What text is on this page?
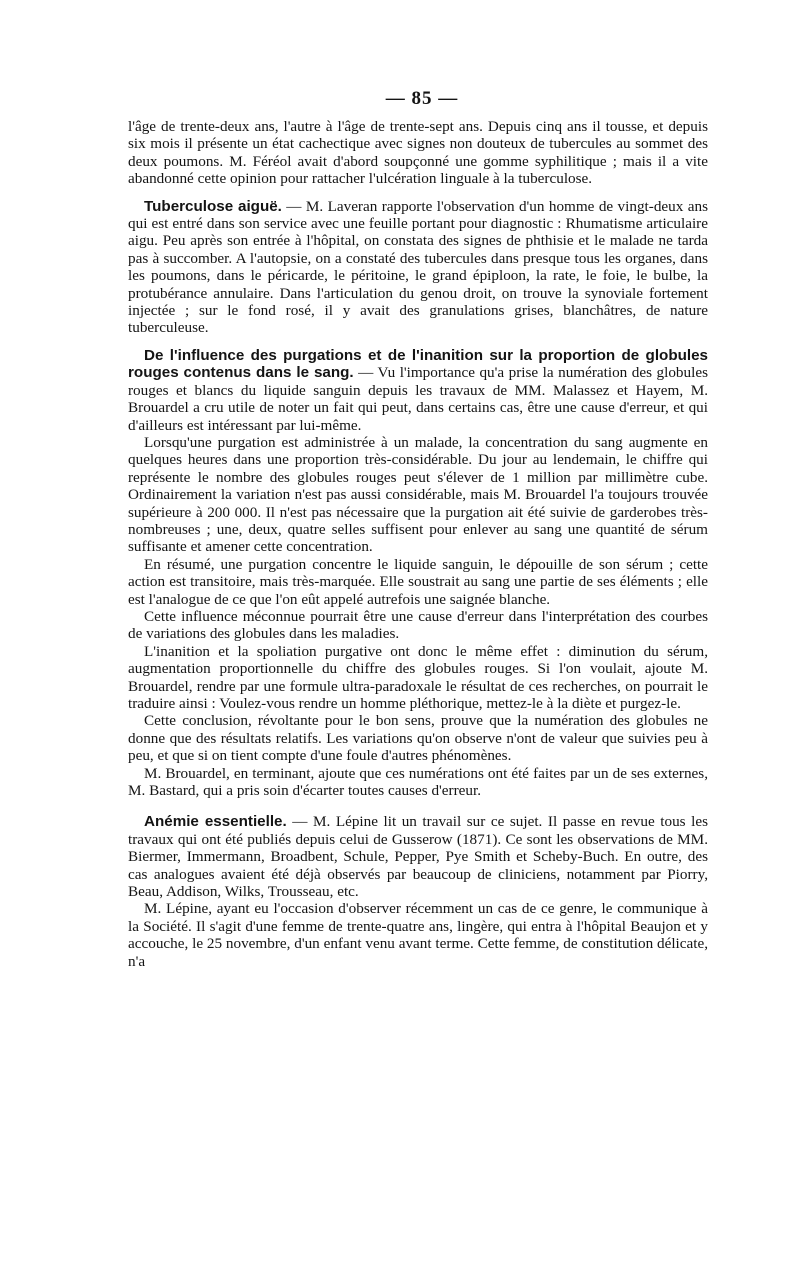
— 85 —

l'âge de trente-deux ans, l'autre à l'âge de trente-sept ans. Depuis cinq ans il tousse, et depuis six mois il présente un état cachectique avec signes non douteux de tubercules au sommet des deux poumons. M. Féréol avait d'abord soupçonné une gomme syphilitique ; mais il a vite abandonné cette opinion pour rattacher l'ulcération linguale à la tuberculose.

Tuberculose aiguë. — M. Laveran rapporte l'observation d'un homme de vingt-deux ans qui est entré dans son service avec une feuille portant pour diagnostic : Rhumatisme articulaire aigu. Peu après son entrée à l'hôpital, on constata des signes de phthisie et le malade ne tarda pas à succomber. A l'autopsie, on a constaté des tubercules dans presque tous les organes, dans les poumons, dans le péricarde, le péritoine, le grand épiploon, la rate, le foie, le bulbe, la protubérance annulaire. Dans l'articulation du genou droit, on trouve la synoviale fortement injectée ; sur le fond rosé, il y avait des granulations grises, blanchâtres, de nature tuberculeuse.

De l'influence des purgations et de l'inanition sur la proportion de globules rouges contenus dans le sang. — Vu l'importance qu'a prise la numération des globules rouges et blancs du liquide sanguin depuis les travaux de MM. Malassez et Hayem, M. Brouardel a cru utile de noter un fait qui peut, dans certains cas, être une cause d'erreur, et qui d'ailleurs est intéressant par lui-même.

Lorsqu'une purgation est administrée à un malade, la concentration du sang augmente en quelques heures dans une proportion très-considérable. Du jour au lendemain, le chiffre qui représente le nombre des globules rouges peut s'élever de 1 million par millimètre cube. Ordinairement la variation n'est pas aussi considérable, mais M. Brouardel l'a toujours trouvée supérieure à 200 000. Il n'est pas nécessaire que la purgation ait été suivie de garderobes très-nombreuses ; une, deux, quatre selles suffisent pour enlever au sang une quantité de sérum suffisante et amener cette concentration.

En résumé, une purgation concentre le liquide sanguin, le dépouille de son sérum ; cette action est transitoire, mais très-marquée. Elle soustrait au sang une partie de ses éléments ; elle est l'analogue de ce que l'on eût appelé autrefois une saignée blanche.

Cette influence méconnue pourrait être une cause d'erreur dans l'interprétation des courbes de variations des globules dans les maladies.

L'inanition et la spoliation purgative ont donc le même effet : diminution du sérum, augmentation proportionnelle du chiffre des globules rouges. Si l'on voulait, ajoute M. Brouardel, rendre par une formule ultra-paradoxale le résultat de ces recherches, on pourrait le traduire ainsi : Voulez-vous rendre un homme pléthorique, mettez-le à la diète et purgez-le.

Cette conclusion, révoltante pour le bon sens, prouve que la numération des globules ne donne que des résultats relatifs. Les variations qu'on observe n'ont de valeur que suivies peu à peu, et que si on tient compte d'une foule d'autres phénomènes.

M. Brouardel, en terminant, ajoute que ces numérations ont été faites par un de ses externes, M. Bastard, qui a pris soin d'écarter toutes causes d'erreur.

Anémie essentielle. — M. Lépine lit un travail sur ce sujet. Il passe en revue tous les travaux qui ont été publiés depuis celui de Gusserow (1871). Ce sont les observations de MM. Biermer, Immermann, Broadbent, Schule, Pepper, Pye Smith et Scheby-Buch. En outre, des cas analogues avaient été déjà observés par beaucoup de cliniciens, notamment par Piorry, Beau, Addison, Wilks, Trousseau, etc.

M. Lépine, ayant eu l'occasion d'observer récemment un cas de ce genre, le communique à la Société. Il s'agit d'une femme de trente-quatre ans, lingère, qui entra à l'hôpital Beaujon et y accouche, le 25 novembre, d'un enfant venu avant terme. Cette femme, de constitution délicate, n'a
